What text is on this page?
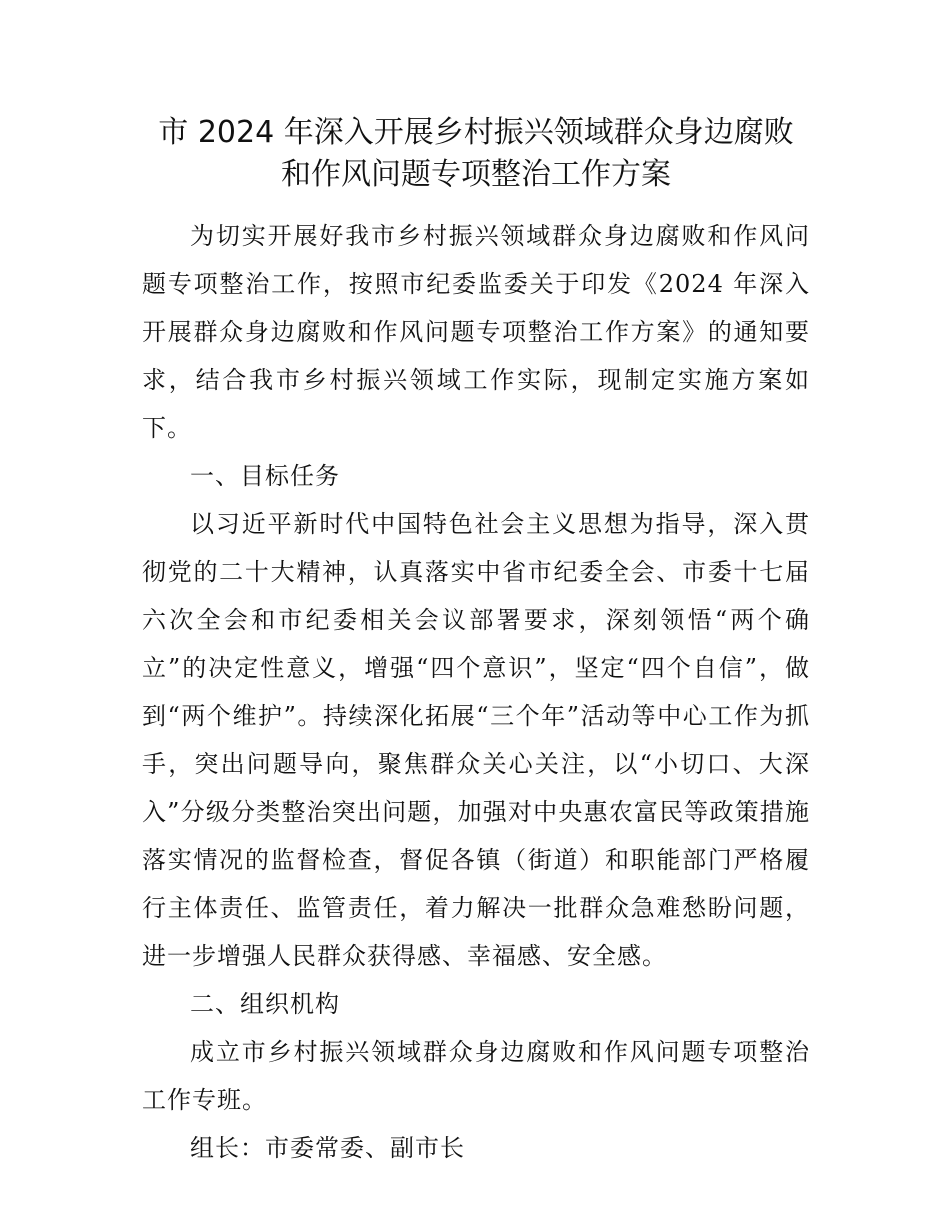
市 2024 年深入开展乡村振兴领域群众身边腐败
和作风问题专项整治工作方案

为切实开展好我市乡村振兴领域群众身边腐败和作风问题专项整治工作，按照市纪委监委关于印发《2024 年深入开展群众身边腐败和作风问题专项整治工作方案》的通知要求，结合我市乡村振兴领域工作实际，现制定实施方案如下。

一、目标任务

以习近平新时代中国特色社会主义思想为指导，深入贯彻党的二十大精神，认真落实中省市纪委全会、市委十七届六次全会和市纪委相关会议部署要求，深刻领悟“两个确立”的决定性意义，增强“四个意识”，坚定“四个自信”，做到“两个维护”。持续深化拓展“三个年”活动等中心工作为抓手，突出问题导向，聚焦群众关心关注，以“小切口、大深入”分级分类整治突出问题，加强对中央惠农富民等政策措施落实情况的监督检查，督促各镇（街道）和职能部门严格履行主体责任、监管责任，着力解决一批群众急难愁盼问题，进一步增强人民群众获得感、幸福感、安全感。

二、组织机构

成立市乡村振兴领域群众身边腐败和作风问题专项整治工作专班。

组长：市委常委、副市长
